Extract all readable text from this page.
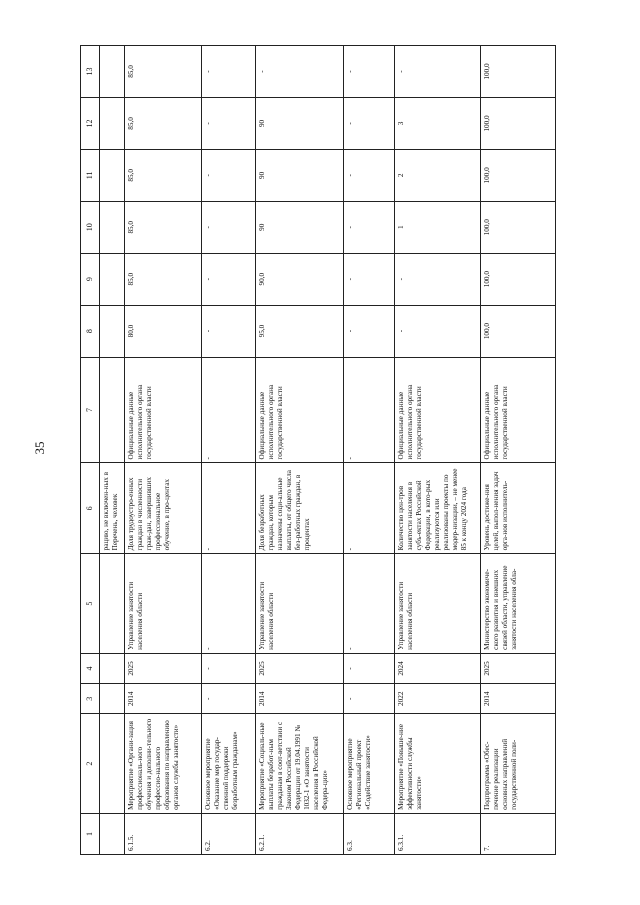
35
1	2	3	4	5	6	7	8	9	10	11	12	13
					рацию, не включен-ных в Перечень, человек							
6.1.5.	Мероприятие «Органи-зация профессиональ-ного обучения и дополни-тельного профессио-нального образования по направлению органов службы занятости»	2014	2025	Управление занятости населения области	Доля трудоустро-енных граждан в численности граж-дан, завершивших профессиональное обучение, в про-центах	Официальные данные исполнительного органа государственной власти	80,0	85,0	85,0	85,0	85,0	85,0
6.2.	Основное мероприятие «Оказание мер государ-ственной поддержки безработным гражданам»	-	-	-	-	-	-	-	-	-	-	-
6.2.1.	Мероприятие «Социаль-ные выплаты безработ-ным гражданам в соот-ветствии с Законом Российской Федерации от 19.04.1991 № 1032-1 «О занятости населения в Российской Федера-ции»	2014	2025	Управление занятости населения области	Доля безработных граждан, которым назначены соци-альные выплаты, от общего числа без-работных граждан, в процентах	Официальные данные исполнительного органа государственной власти	95,0	90,0	90	90	90	-
6.3.	Основное мероприятие «Региональный проект «Содействие занятости»	-	-	-	-	-	-	-	-	-	-	-
6.3.1.	Мероприятие «Повыше-ние эффективности службы занятости»	2022	2024	Управление занятости населения области	Количество цен-тров занятости населения в субъ-ектах Российской Федерации, в кото-рых реализуются или реализованы проекты по модер-низации, – не менее 85 к концу 2024 года	Официальные данные исполнительного органа государственной власти	-	-	1	2	3	-
7.	Подпрограмма «Обес-печение реализации основных направлений государственной поли-	2014	2025	Министерство экономиче-ского развития и внешних связей области, управление занятости населения обла-	Уровень достиже-ния целей, выпол-нения задач орга-нов исполнитель-	Официальные данные исполнительного органа государственной власти	100,0	100,0	100,0	100,0	100,0	100,0
